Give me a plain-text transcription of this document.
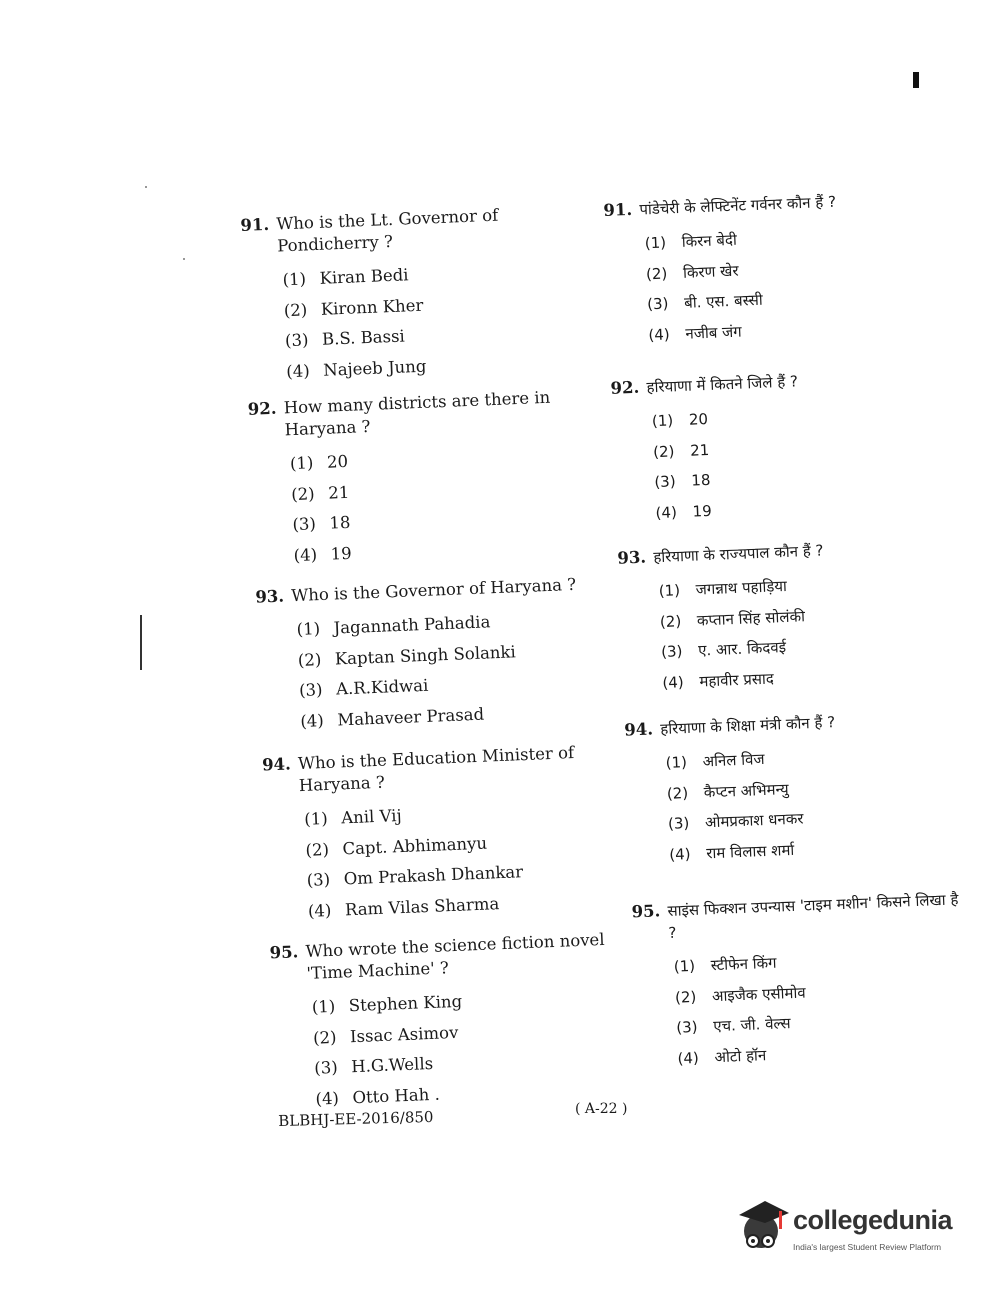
91. Who is the Lt. Governor of Pondicherry ?
(1) Kiran Bedi
(2) Kironn Kher
(3) B.S. Bassi
(4) Najeeb Jung
92. How many districts are there in Haryana ?
(1) 20
(2) 21
(3) 18
(4) 19
93. Who is the Governor of Haryana ?
(1) Jagannath Pahadia
(2) Kaptan Singh Solanki
(3) A.R.Kidwai
(4) Mahaveer Prasad
94. Who is the Education Minister of Haryana ?
(1) Anil Vij
(2) Capt. Abhimanyu
(3) Om Prakash Dhankar
(4) Ram Vilas Sharma
95. Who wrote the science fiction novel 'Time Machine' ?
(1) Stephen King
(2) Issac Asimov
(3) H.G.Wells
(4) Otto Hah .
91. पांडेचेरी के लेफ्टिनेंट गर्वनर कौन हैं ?
(1)	किरन बेदी
(2)	किरण खेर
(3)	बी. एस. बस्सी
(4)	नजीब जंग
92. हरियाणा में कितने जिले हैं ?
(1)	20
(2)	21
(3)	18
(4)	19
93. हरियाणा के राज्यपाल कौन हैं ?
(1)	जगन्नाथ पहाड़िया
(2)	कप्तान सिंह सोलंकी
(3)	ए. आर. किदवई
(4)	महावीर प्रसाद
94. हरियाणा के शिक्षा मंत्री कौन हैं ?
(1)	अनिल विज
(2)	कैप्टन अभिमन्यु
(3)	ओमप्रकाश धनकर
(4)	राम विलास शर्मा
95. साइंस फिक्शन उपन्यास 'टाइम मशीन' किसने लिखा है ?
(1)	स्टीफेन किंग
(2)	आइजैक एसीमोव
(3)	एच. जी. वेल्स
(4)	ओटो हॉन
BLBHJ-EE-2016/850	( A-22 )
collegedunia
India's largest Student Review Platform
